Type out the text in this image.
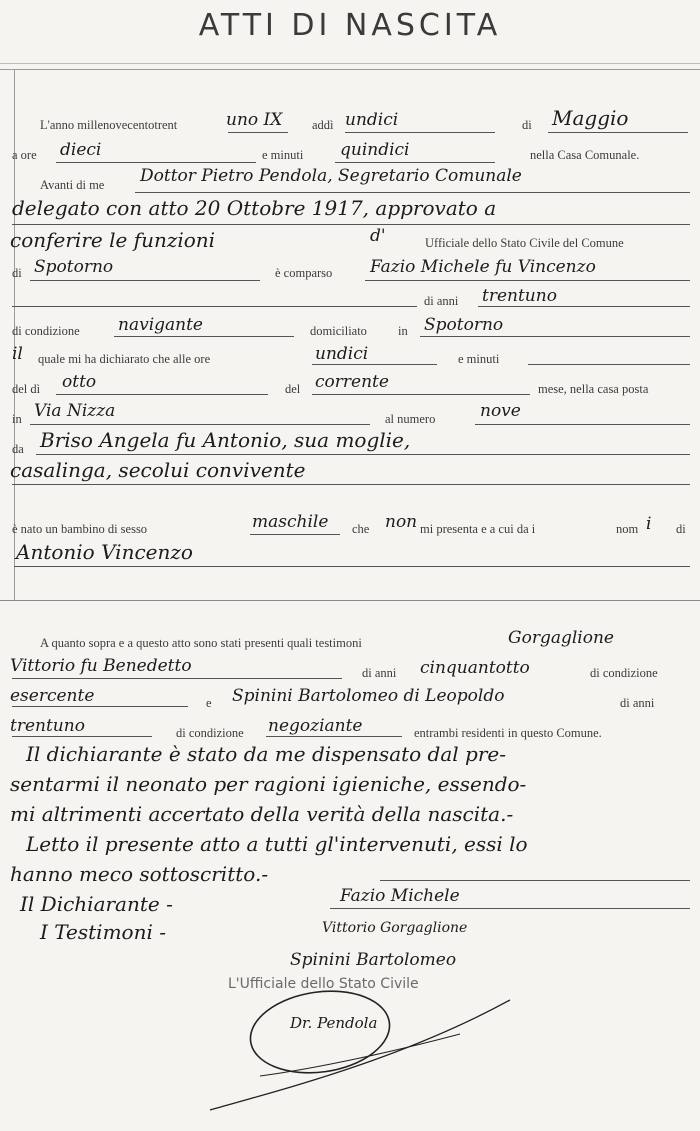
ATTI DI NASCITA
L'anno millenovecentotrent	uno IX addì undici	di Maggio
a ore dieci	e minuti quindici	nella Casa Comunale.
Avanti di me Dottor Pietro Pendola, Segretario Comunale
delegato con atto 20 Ottobre 1917, approvato a
conferire le funzioni	d'	Ufficiale dello Stato Civile del Comune
di Spotorno	è comparso Fazio Michele fu Vincenzo
di anni trentuno
di condizione navigante	domiciliato in Spotorno
il quale mi ha dichiarato che alle ore	undici	e minuti
del dì otto	del corrente	mese, nella casa posta
in Via Nizza	al numero	nove
da Briso Angela fu Antonio, sua moglie,
casalinga, secolui convivente
è nato un bambino di sesso	maschile che non mi presenta e a cui da i	nom i di
Antonio Vincenzo
A quanto sopra e a questo atto sono stati presenti quali testimoni	Gorgaglione
Vittorio fu Benedetto	di anni cinquantotto	di condizione
esercente	e Spinini Bartolomeo di Leopoldo	di anni
trentuno	di condizione negoziante	entrambi residenti in questo Comune.
Il dichiarante è stato da me dispensato dal pre-
sentarmi il neonato per ragioni igieniche, essendo-
mi altrimenti accertato della verità della nascita.-
Letto il presente atto a tutti gl'intervenuti, essi lo
hanno meco sottoscritto.-
Il Dichiarante -	Fazio Michele
I Testimoni -	Vittorio Gorgaglione
Spinini Bartolomeo
L'Ufficiale dello Stato Civile
Dr. Pendola
